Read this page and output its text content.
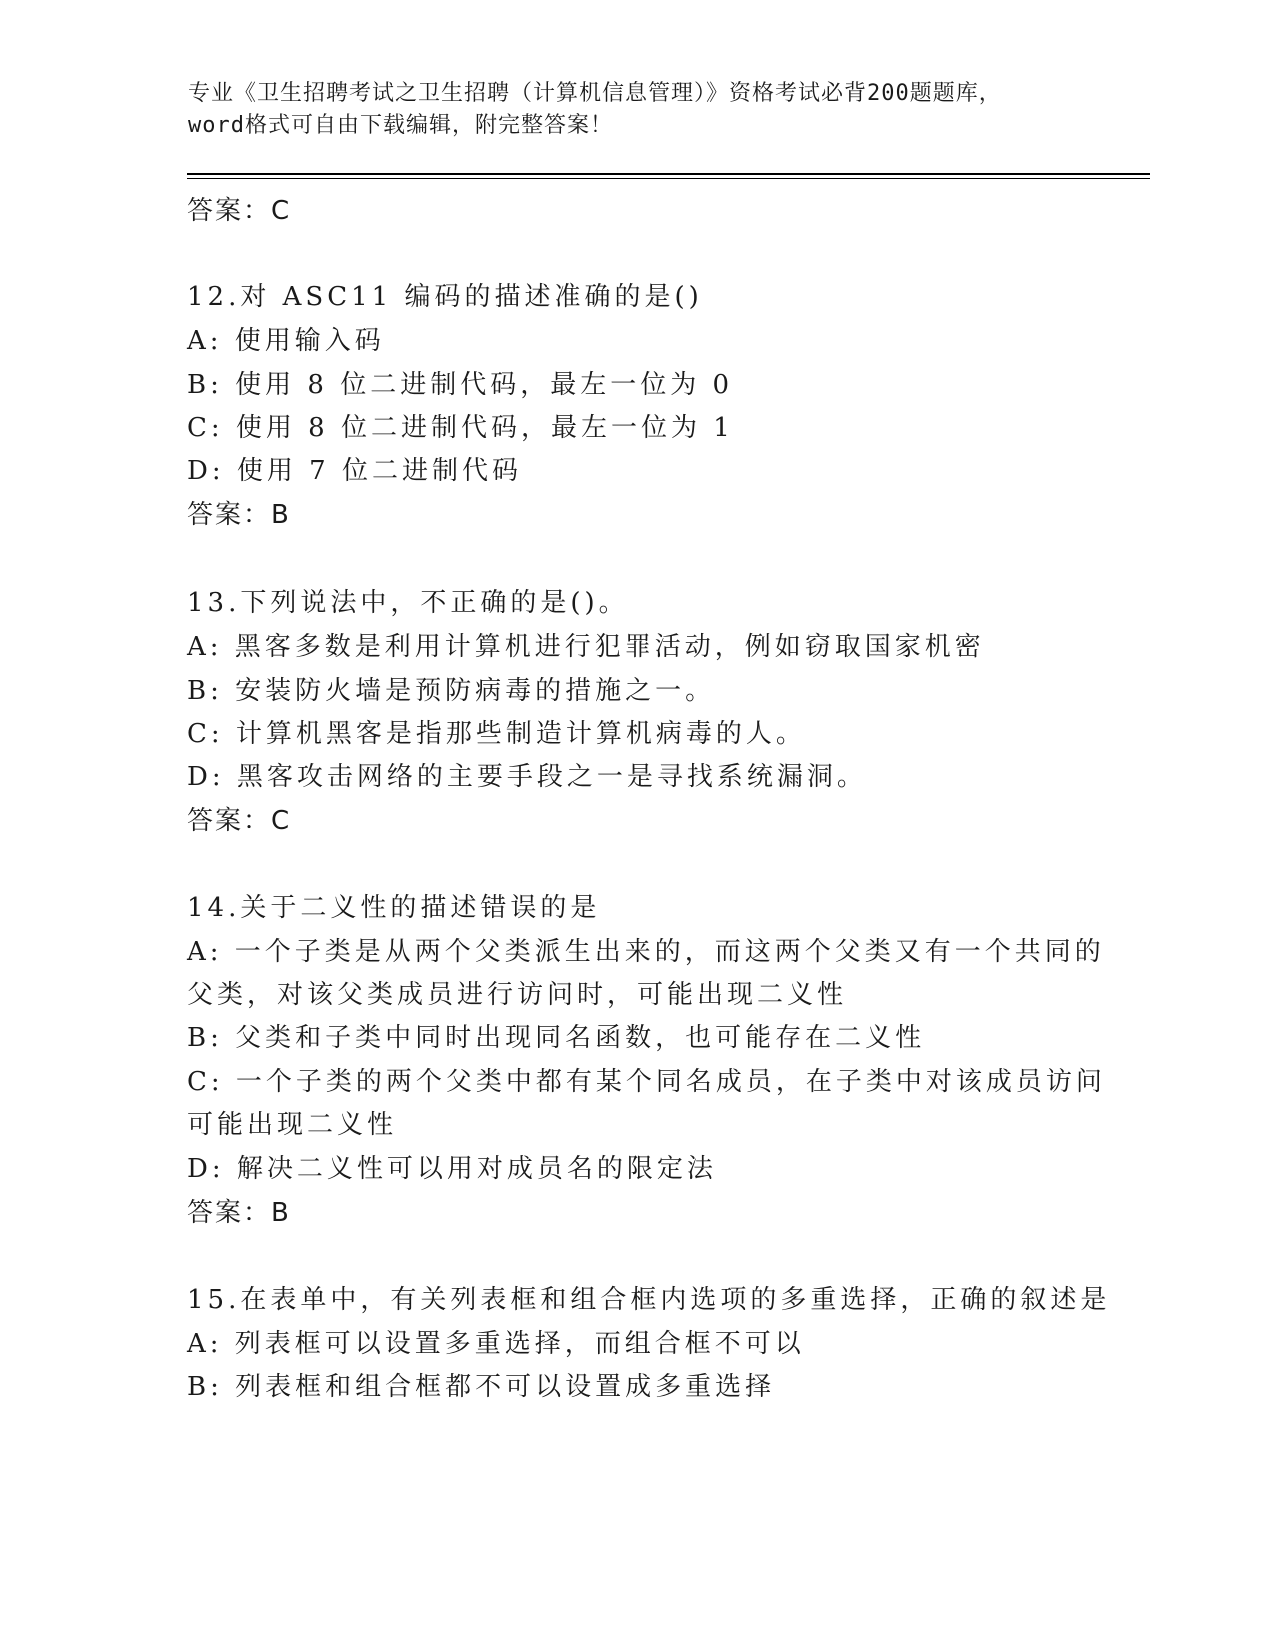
专业《卫生招聘考试之卫生招聘（计算机信息管理）》资格考试必背200题题库，
word格式可自由下载编辑，附完整答案！
答案：C
12.对 ASC11 编码的描述准确的是()
A: 使用输入码
B: 使用 8 位二进制代码，最左一位为 0
C: 使用 8 位二进制代码，最左一位为 1
D: 使用 7 位二进制代码
答案：B
13.下列说法中，不正确的是()。
A: 黑客多数是利用计算机进行犯罪活动，例如窃取国家机密
B: 安装防火墙是预防病毒的措施之一。
C: 计算机黑客是指那些制造计算机病毒的人。
D: 黑客攻击网络的主要手段之一是寻找系统漏洞。
答案：C
14.关于二义性的描述错误的是
A: 一个子类是从两个父类派生出来的，而这两个父类又有一个共同的
父类，对该父类成员进行访问时，可能出现二义性
B: 父类和子类中同时出现同名函数，也可能存在二义性
C: 一个子类的两个父类中都有某个同名成员，在子类中对该成员访问
可能出现二义性
D: 解决二义性可以用对成员名的限定法
答案：B
15.在表单中，有关列表框和组合框内选项的多重选择，正确的叙述是
A: 列表框可以设置多重选择，而组合框不可以
B: 列表框和组合框都不可以设置成多重选择
